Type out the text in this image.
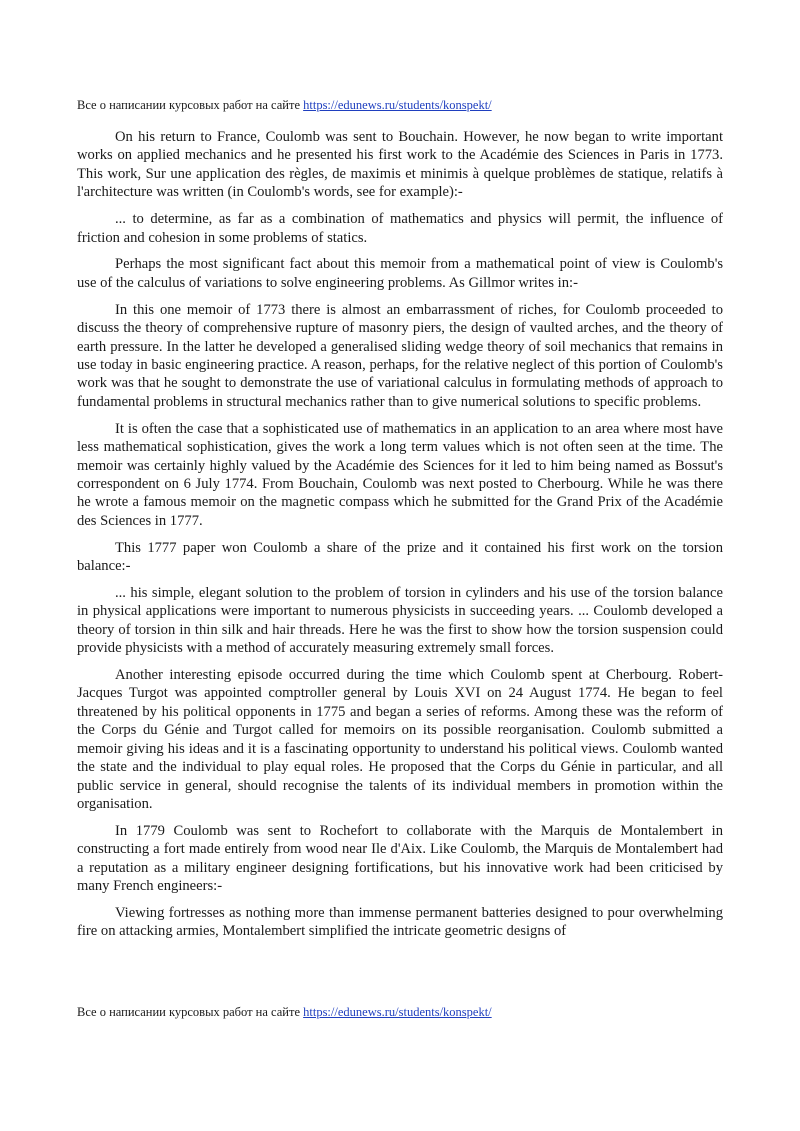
Все о написании курсовых работ на сайте https://edunews.ru/students/konspekt/

On his return to France, Coulomb was sent to Bouchain. However, he now began to write important works on applied mechanics and he presented his first work to the Académie des Sciences in Paris in 1773. This work, Sur une application des règles, de maximis et minimis à quelque problèmes de statique, relatifs à l'architecture was written (in Coulomb's words, see for example):-

... to determine, as far as a combination of mathematics and physics will permit, the influence of friction and cohesion in some problems of statics.

Perhaps the most significant fact about this memoir from a mathematical point of view is Coulomb's use of the calculus of variations to solve engineering problems. As Gillmor writes in:-

In this one memoir of 1773 there is almost an embarrassment of riches, for Coulomb proceeded to discuss the theory of comprehensive rupture of masonry piers, the design of vaulted arches, and the theory of earth pressure. In the latter he developed a generalised sliding wedge theory of soil mechanics that remains in use today in basic engineering practice. A reason, perhaps, for the relative neglect of this portion of Coulomb's work was that he sought to demonstrate the use of variational calculus in formulating methods of approach to fundamental problems in structural mechanics rather than to give numerical solutions to specific problems.

It is often the case that a sophisticated use of mathematics in an application to an area where most have less mathematical sophistication, gives the work a long term values which is not often seen at the time. The memoir was certainly highly valued by the Académie des Sciences for it led to him being named as Bossut's correspondent on 6 July 1774. From Bouchain, Coulomb was next posted to Cherbourg. While he was there he wrote a famous memoir on the magnetic compass which he submitted for the Grand Prix of the Académie des Sciences in 1777.

This 1777 paper won Coulomb a share of the prize and it contained his first work on the torsion balance:-

... his simple, elegant solution to the problem of torsion in cylinders and his use of the torsion balance in physical applications were important to numerous physicists in succeeding years. ... Coulomb developed a theory of torsion in thin silk and hair threads. Here he was the first to show how the torsion suspension could provide physicists with a method of accurately measuring extremely small forces.

Another interesting episode occurred during the time which Coulomb spent at Cherbourg. Robert-Jacques Turgot was appointed comptroller general by Louis XVI on 24 August 1774. He began to feel threatened by his political opponents in 1775 and began a series of reforms. Among these was the reform of the Corps du Génie and Turgot called for memoirs on its possible reorganisation. Coulomb submitted a memoir giving his ideas and it is a fascinating opportunity to understand his political views. Coulomb wanted the state and the individual to play equal roles. He proposed that the Corps du Génie in particular, and all public service in general, should recognise the talents of its individual members in promotion within the organisation.

In 1779 Coulomb was sent to Rochefort to collaborate with the Marquis de Montalembert in constructing a fort made entirely from wood near Ile d'Aix. Like Coulomb, the Marquis de Montalembert had a reputation as a military engineer designing fortifications, but his innovative work had been criticised by many French engineers:-

Viewing fortresses as nothing more than immense permanent batteries designed to pour overwhelming fire on attacking armies, Montalembert simplified the intricate geometric designs of

Все о написании курсовых работ на сайте https://edunews.ru/students/konspekt/
